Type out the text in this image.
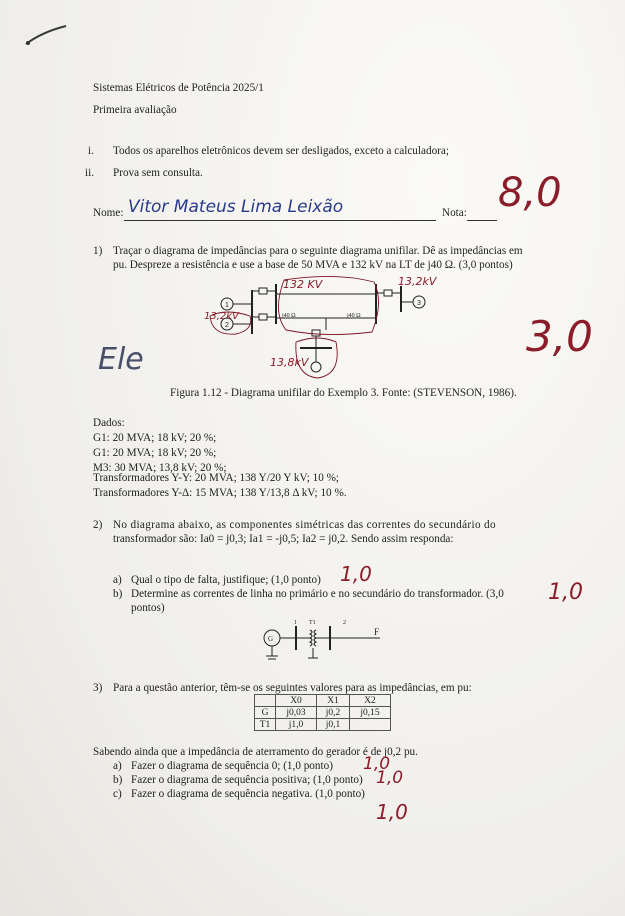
Sistemas Elétricos de Potência 2025/1
Primeira avaliação
i. Todos os aparelhos eletrônicos devem ser desligados, exceto a calculadora;
ii. Prova sem consulta.
Nome: Vitor Mateus Lima Leixão	Nota: 8,0
1) Traçar o diagrama de impedâncias para o seguinte diagrama unifilar. Dê as impedâncias em
pu. Despreze a resistência e use a base de 50 MVA e 132 kV na LT de j40 Ω. (3,0 pontos)
3,0
1
2
3
132 KV	13,2kV
13,2kV
13,8kV
j40 Ω	j40 Ω
Ele
Figura 1.12 - Diagrama unifilar do Exemplo 3. Fonte: (STEVENSON, 1986).
Dados:
G1: 20 MVA; 18 kV; 20 %;
G1: 20 MVA; 18 kV; 20 %;
M3: 30 MVA; 13,8 kV; 20 %;
Transformadores Y-Y: 20 MVA; 138 Y/20 Y kV; 10 %;
Transformadores Y-Δ: 15 MVA; 138 Y/13,8 Δ kV; 10 %.
2) No diagrama abaixo, as componentes simétricas das correntes do secundário do
transformador são: Ia0 = j0,3; Ia1 = -j0,5; Ia2 = j0,2. Sendo assim responda:
a) Qual o tipo de falta, justifique; (1,0 ponto) 1,0
b) Determine as correntes de linha no primário e no secundário do transformador. (3,0
pontos)
1,0
G
1 T1	2
F
3) Para a questão anterior, têm-se os seguintes valores para as impedâncias, em pu:
	X0	X1	X2
G	j0,03	j0,2	j0,15
T1	j1,0	j0,1	
Sabendo ainda que a impedância de aterramento do gerador é de j0,2 pu.
a) Fazer o diagrama de sequência 0; (1,0 ponto) 1,0
b) Fazer o diagrama de sequência positiva; (1,0 ponto) 1,0
c) Fazer o diagrama de sequência negativa. (1,0 ponto)
1,0
